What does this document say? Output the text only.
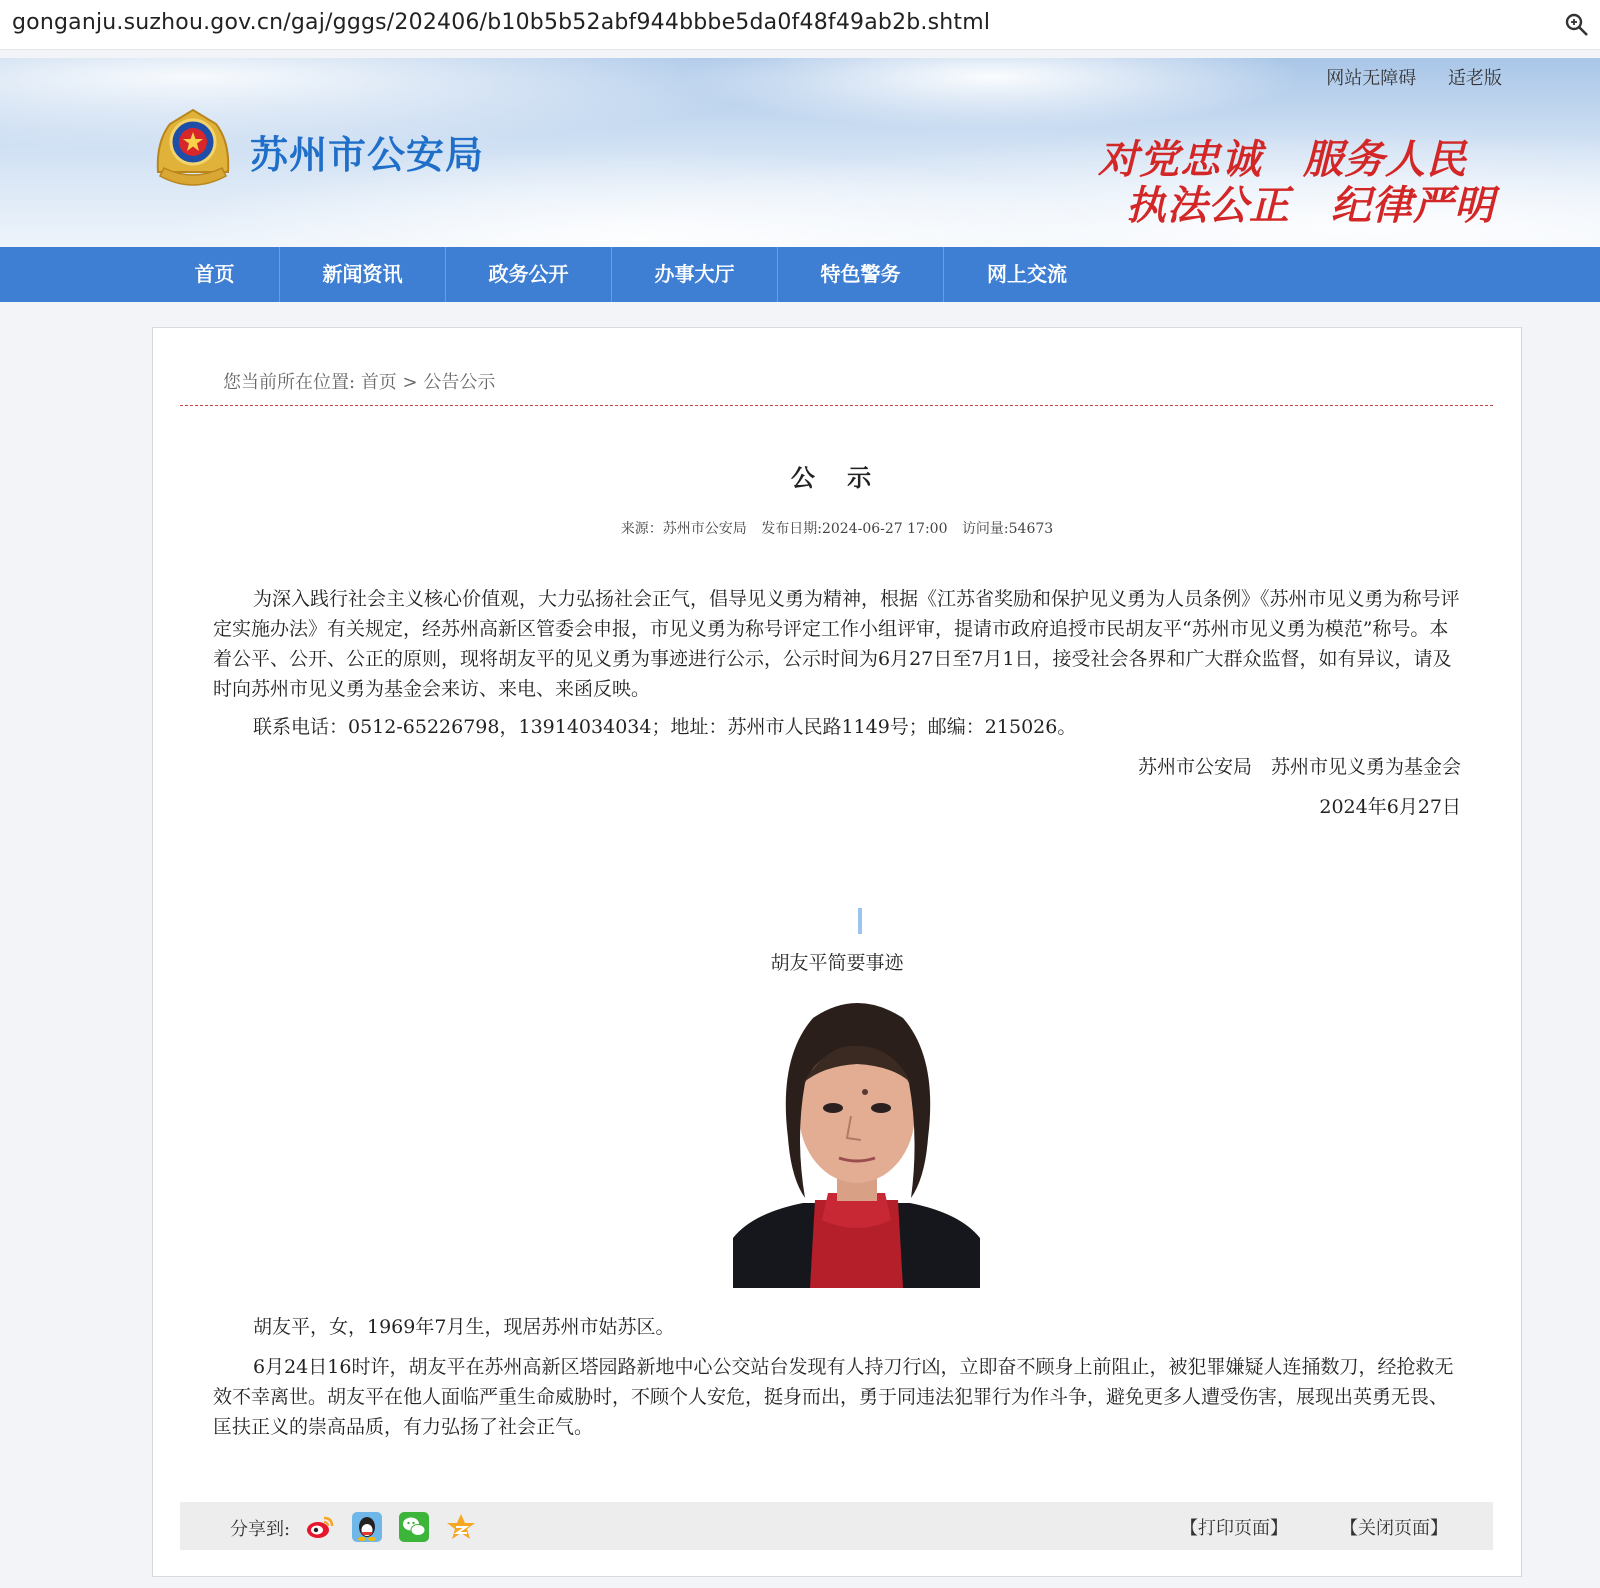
gonganju.suzhou.gov.cn/gaj/gggs/202406/b10b5b52abf944bbbe5da0f48f49ab2b.shtml
网站无障碍 适老版
苏州市公安局	对党忠诚　服务人民
执法公正　纪律严明
首页	新闻资讯	政务公开	办事大厅	特色警务	网上交流
您当前所在位置: 首页 > 公告公示
公 示
来源：苏州市公安局 发布日期:2024-06-27 17:00 访问量:54673

为深入践行社会主义核心价值观，大力弘扬社会正气，倡导见义勇为精神，根据《江苏省奖励和保护见义勇为人员条例》《苏州市见义勇为称号评定实施办法》有关规定，经苏州高新区管委会申报，市见义勇为称号评定工作小组评审，提请市政府追授市民胡友平“苏州市见义勇为模范”称号。本着公平、公开、公正的原则，现将胡友平的见义勇为事迹进行公示，公示时间为6月27日至7月1日，接受社会各界和广大群众监督，如有异议，请及时向苏州市见义勇为基金会来访、来电、来函反映。

联系电话：0512-65226798，13914034034；地址：苏州市人民路1149号；邮编：215026。

苏州市公安局　苏州市见义勇为基金会
2024年6月27日
胡友平简要事迹

胡友平，女，1969年7月生，现居苏州市姑苏区。

6月24日16时许，胡友平在苏州高新区塔园路新地中心公交站台发现有人持刀行凶，立即奋不顾身上前阻止，被犯罪嫌疑人连捅数刀，经抢救无效不幸离世。胡友平在他人面临严重生命威胁时，不顾个人安危，挺身而出，勇于同违法犯罪行为作斗争，避免更多人遭受伤害，展现出英勇无畏、匡扶正义的崇高品质，有力弘扬了社会正气。

分享到:	【打印页面】	【关闭页面】
